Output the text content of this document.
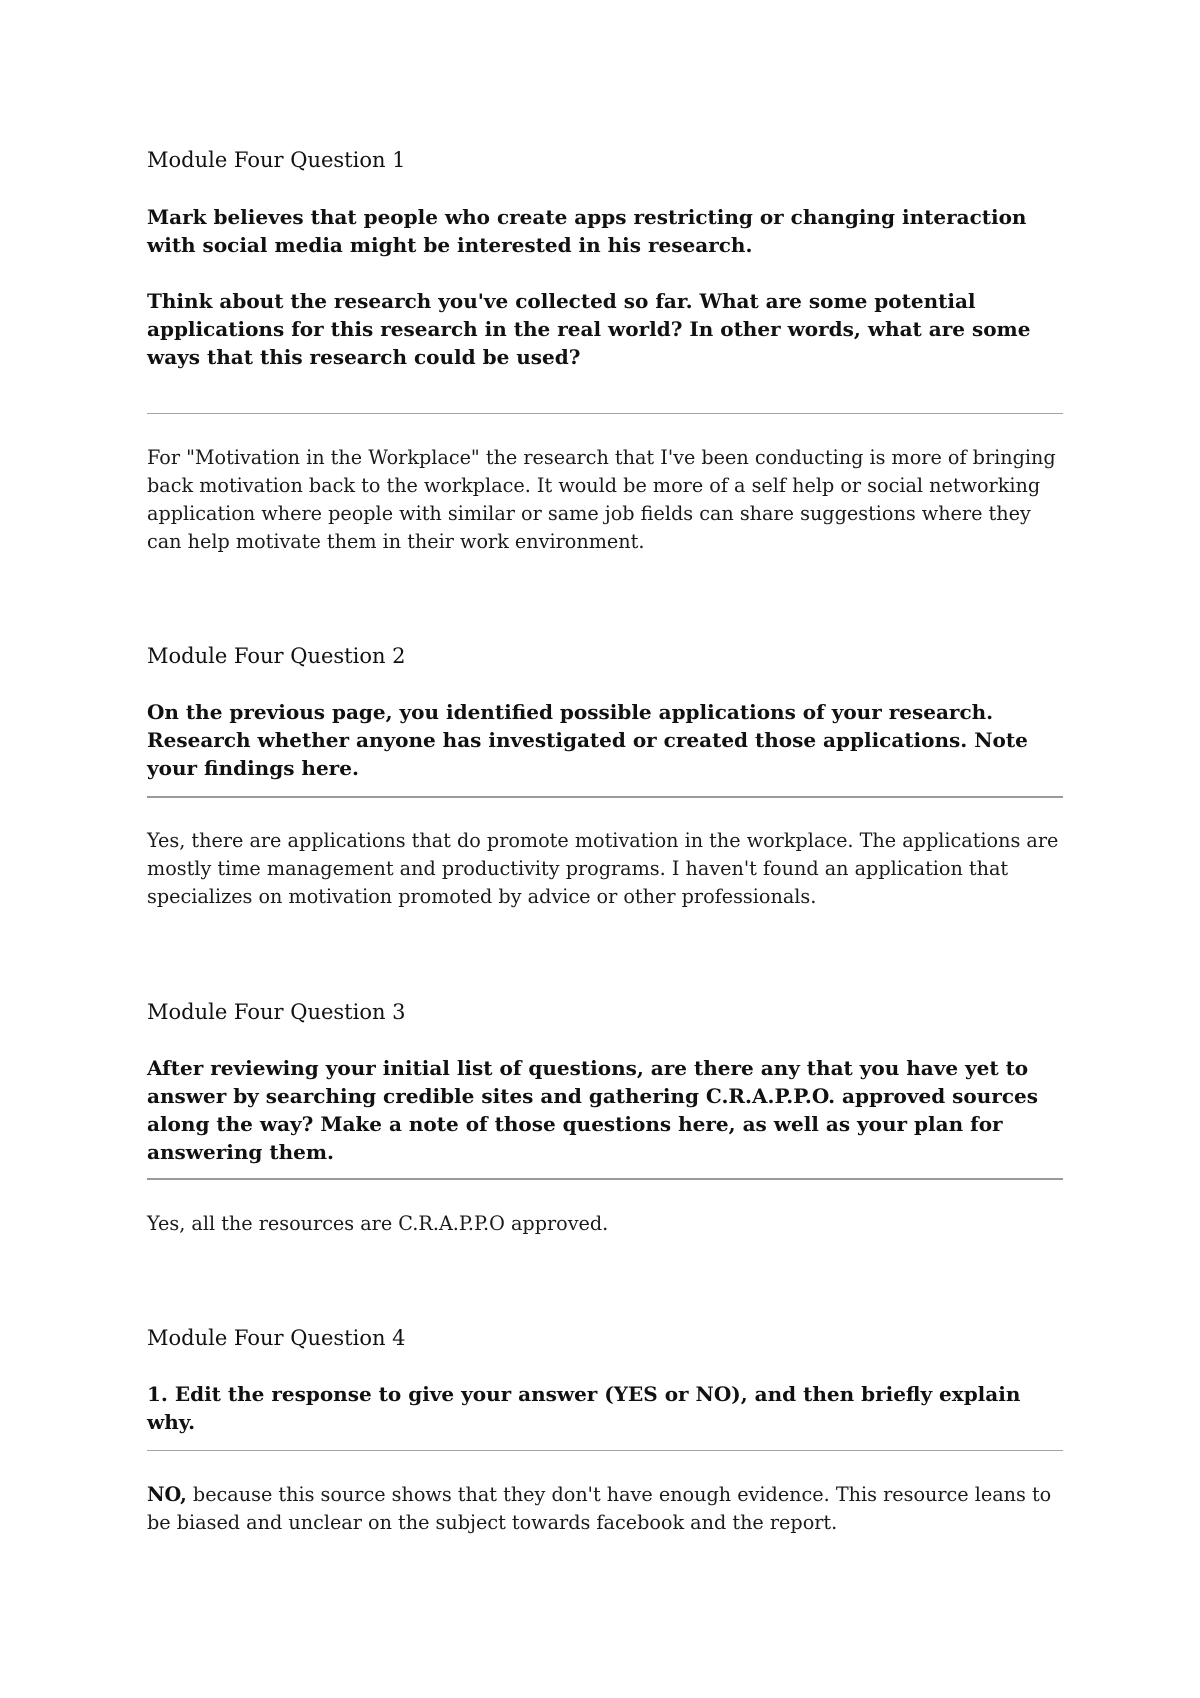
Module Four Question 1

Mark believes that people who create apps restricting or changing interaction with social media might be interested in his research.

Think about the research you've collected so far. What are some potential applications for this research in the real world? In other words, what are some ways that this research could be used?

For "Motivation in the Workplace" the research that I've been conducting is more of bringing back motivation back to the workplace. It would be more of a self help or social networking application where people with similar or same job fields can share suggestions where they can help motivate them in their work environment.

Module Four Question 2

On the previous page, you identified possible applications of your research. Research whether anyone has investigated or created those applications. Note your findings here.

Yes, there are applications that do promote motivation in the workplace. The applications are mostly time management and productivity programs. I haven't found an application that specializes on motivation promoted by advice or other professionals.

Module Four Question 3

After reviewing your initial list of questions, are there any that you have yet to answer by searching credible sites and gathering C.R.A.P.P.O. approved sources along the way? Make a note of those questions here, as well as your plan for answering them.

Yes, all the resources are C.R.A.P.P.O approved.

Module Four Question 4

1. Edit the response to give your answer (YES or NO), and then briefly explain why.

NO, because this source shows that they don't have enough evidence. This resource leans to be biased and unclear on the subject towards facebook and the report.
